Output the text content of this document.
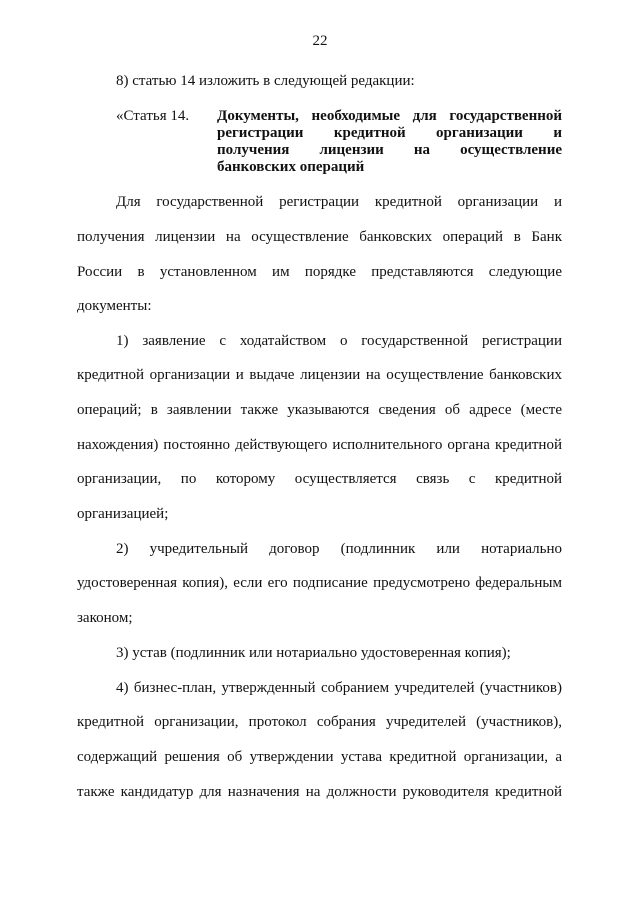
22
8) статью 14 изложить в следующей редакции:
«Статья 14. Документы, необходимые для государственной
регистрации кредитной организации и
получения лицензии на осуществление
банковских операций
Для государственной регистрации кредитной организации и
получения лицензии на осуществление банковских операций в Банк
России в установленном им порядке представляются следующие
документы:
1) заявление с ходатайством о государственной регистрации
кредитной организации и выдаче лицензии на осуществление банковских
операций; в заявлении также указываются сведения об адресе (месте
нахождения) постоянно действующего исполнительного органа кредитной
организации, по которому осуществляется связь с кредитной
организацией;
2) учредительный договор (подлинник или нотариально
удостоверенная копия), если его подписание предусмотрено федеральным
законом;
3) устав (подлинник или нотариально удостоверенная копия);
4) бизнес-план, утвержденный собранием учредителей (участников)
кредитной организации, протокол собрания учредителей (участников),
содержащий решения об утверждении устава кредитной организации, а
также кандидатур для назначения на должности руководителя кредитной
